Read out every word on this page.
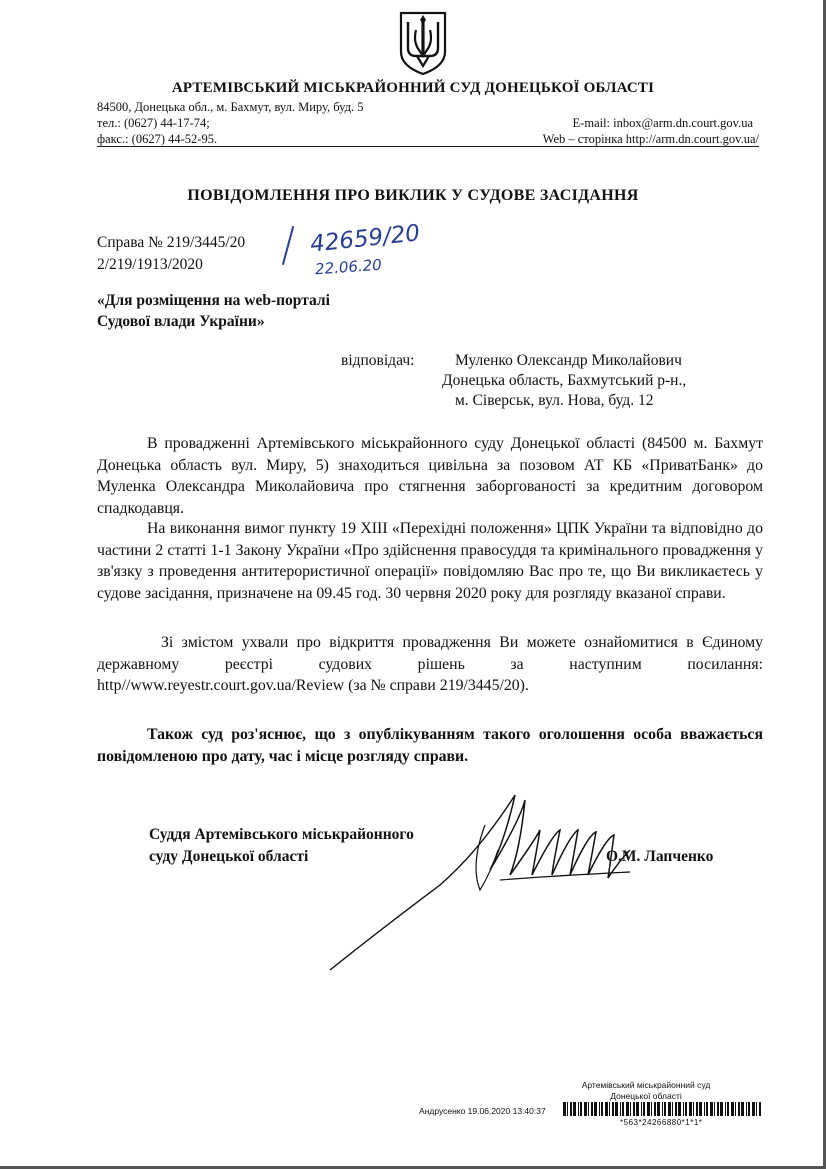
АРТЕМІВСЬКИЙ МІСЬКРАЙОННИЙ СУД ДОНЕЦЬКОЇ ОБЛАСТІ
84500, Донецька обл., м. Бахмут, вул. Миру, буд. 5
тел.: (0627) 44-17-74;
факс.: (0627) 44-52-95.
E-mail: inbox@arm.dn.court.gov.ua
Web – сторінка http://arm.dn.court.gov.ua/
ПОВІДОМЛЕННЯ ПРО ВИКЛИК У СУДОВЕ ЗАСІДАННЯ
Справа № 219/3445/20
2/219/1913/2020
42659/20
22.06.20
«Для розміщення на web-порталі
Судової влади України»
відповідач:	Муленко Олександр Миколайович
Донецька область, Бахмутський р-н.,
м. Сіверськ, вул. Нова, буд. 12
В провадженні Артемівського міськрайонного суду Донецької області (84500 м. Бахмут Донецька область вул. Миру, 5) знаходиться цивільна за позовом АТ КБ «ПриватБанк» до Муленка Олександра Миколайовича про стягнення заборгованості за кредитним договором спадкодавця.
На виконання вимог пункту 19 XIII «Перехідні положення» ЦПК України та відповідно до частини 2 статті 1-1 Закону України «Про здійснення правосуддя та кримінального провадження у зв'язку з проведення антитерористичної операції» повідомляю Вас про те, що Ви викликаєтесь у судове засідання, призначене на 09.45 год. 30 червня 2020 року для розгляду вказаної справи.
Зі змістом ухвали про відкриття провадження Ви можете ознайомитися в Єдиному державному реєстрі судових рішень за наступним посилання: http//www.reyestr.court.gov.ua/Review (за № справи 219/3445/20).
Також суд роз'яснює, що з опублікуванням такого оголошення особа вважається повідомленою про дату, час і місце розгляду справи.
Суддя Артемівського міськрайонного
суду Донецької області	О.М. Лапченко
Артемівський міськрайонний суд
Донецької області
Андрусенко 19.06.2020 13:40:37
*563*24266880*1*1*
